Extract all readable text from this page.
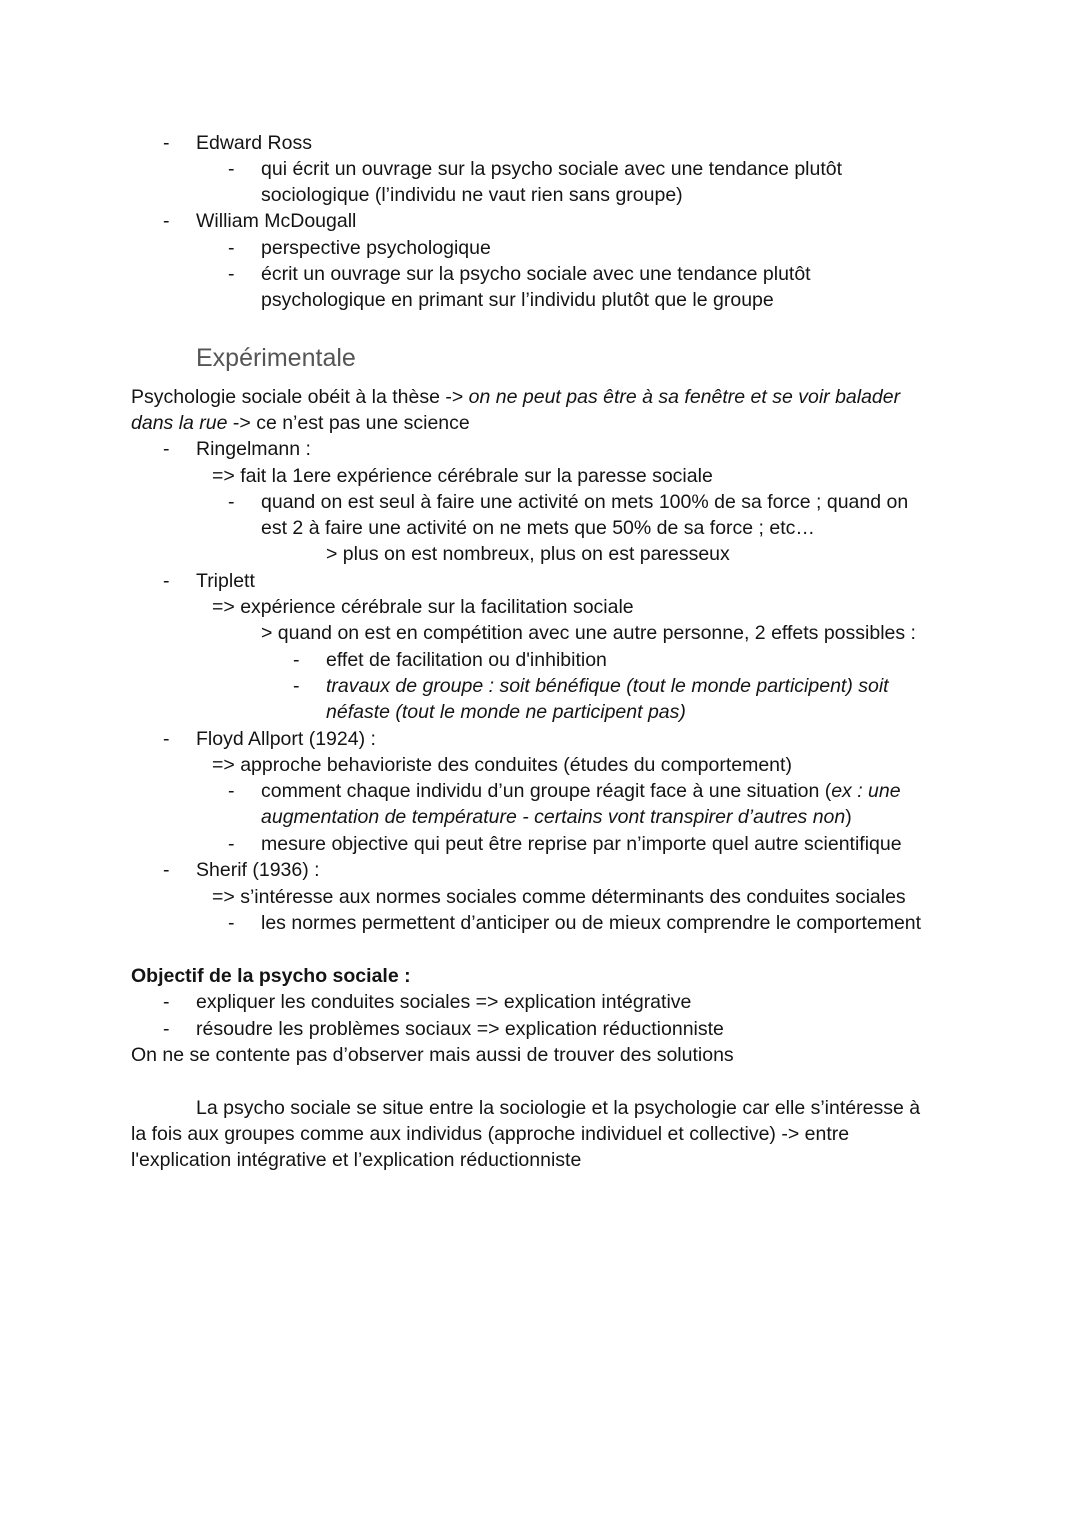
- Edward Ross
- qui écrit un ouvrage sur la psycho sociale avec une tendance plutôt
sociologique (l’individu ne vaut rien sans groupe)
- William McDougall
- perspective psychologique
- écrit un ouvrage sur la psycho sociale avec une tendance plutôt
psychologique en primant sur l’individu plutôt que le groupe
Expérimentale
Psychologie sociale obéit à la thèse -> on ne peut pas être à sa fenêtre et se voir balader
dans la rue -> ce n’est pas une science
- Ringelmann :
=> fait la 1ere expérience cérébrale sur la paresse sociale
- quand on est seul à faire une activité on mets 100% de sa force ; quand on
est 2 à faire une activité on ne mets que 50% de sa force ; etc…
> plus on est nombreux, plus on est paresseux
- Triplett
=> expérience cérébrale sur la facilitation sociale
> quand on est en compétition avec une autre personne, 2 effets possibles :
- effet de facilitation ou d'inhibition
- travaux de groupe : soit bénéfique (tout le monde participent) soit
néfaste (tout le monde ne participent pas)
- Floyd Allport (1924) :
=> approche behavioriste des conduites (études du comportement)
- comment chaque individu d’un groupe réagit face à une situation (ex : une
augmentation de température - certains vont transpirer d’autres non)
- mesure objective qui peut être reprise par n’importe quel autre scientifique
- Sherif (1936) :
=> s’intéresse aux normes sociales comme déterminants des conduites sociales
- les normes permettent d’anticiper ou de mieux comprendre le comportement
Objectif de la psycho sociale :
- expliquer les conduites sociales => explication intégrative
- résoudre les problèmes sociaux => explication réductionniste
On ne se contente pas d’observer mais aussi de trouver des solutions
La psycho sociale se situe entre la sociologie et la psychologie car elle s’intéresse à
la fois aux groupes comme aux individus (approche individuel et collective) -> entre
l'explication intégrative et l’explication réductionniste
